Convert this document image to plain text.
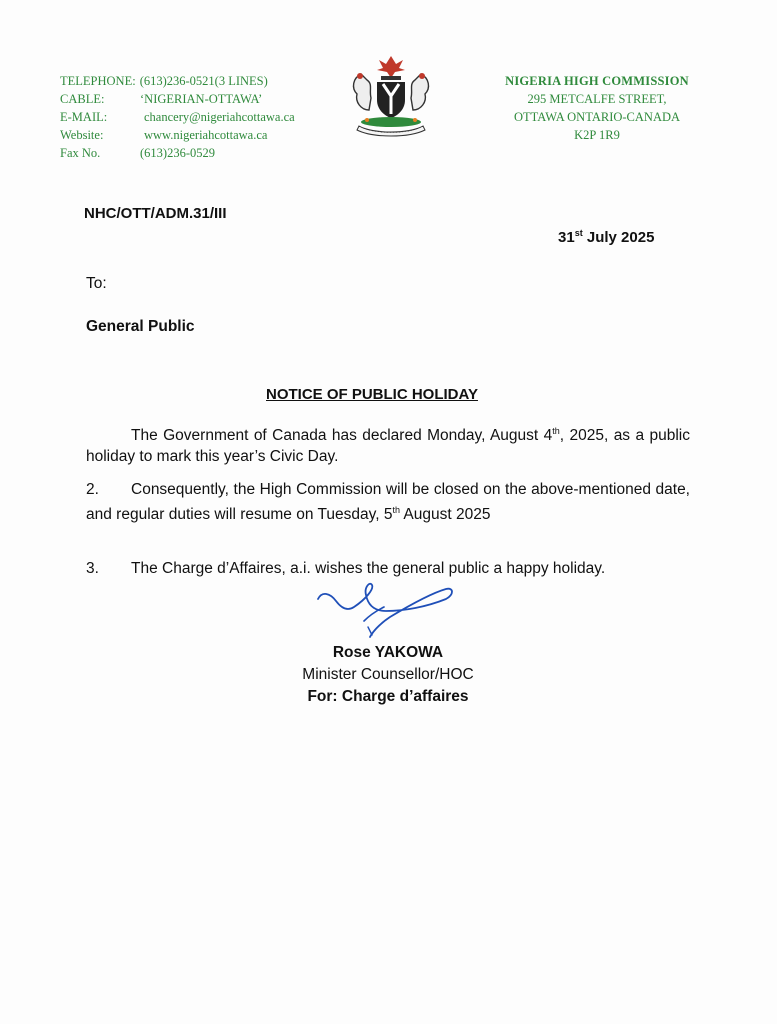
TELEPHONE: (613)236-0521(3 LINES)
CABLE:	‘NIGERIAN-OTTAWA’
E-MAIL:	chancery@nigeriahcottawa.ca
Website:	www.nigeriahcottawa.ca
Fax No.	(613)236-0529
NIGERIA HIGH COMMISSION
295 METCALFE STREET,
OTTAWA ONTARIO-CANADA
K2P 1R9
NHC/OTT/ADM.31/III
31st July 2025
To:
General Public
NOTICE OF PUBLIC HOLIDAY
The Government of Canada has declared Monday, August 4th, 2025, as a public holiday to mark this year’s Civic Day.
2. Consequently, the High Commission will be closed on the above-mentioned date, and regular duties will resume on Tuesday, 5th August 2025
3. The Charge d’Affaires, a.i. wishes the general public a happy holiday.
Rose YAKOWA
Minister Counsellor/HOC
For: Charge d’affaires
